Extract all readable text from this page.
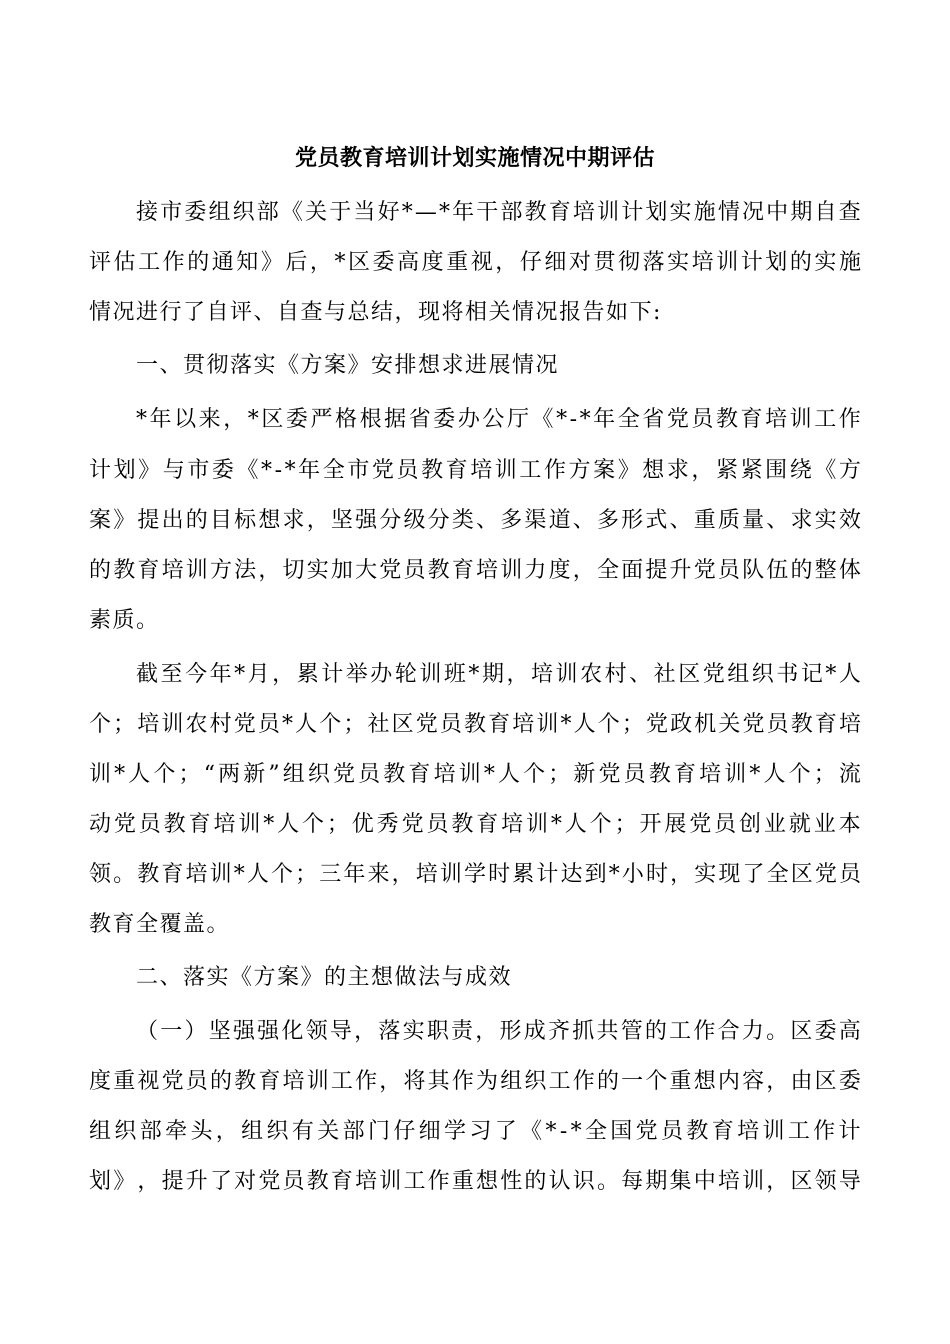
党员教育培训计划实施情况中期评估
接 市 委 组 织 部 《 关 于 当 好 * — * 年 干 部 教 育 培 训 计 划 实 施 情 况 中 期 自 查
评 估 工 作 的 通 知 》 后 ， * 区 委 高 度 重 视 ， 仔 细 对 贯 彻 落 实 培 训 计 划 的 实 施
情况进行了自评、自查与总结，现将相关情况报告如下:
一、贯彻落实《方案》安排想求进展情况
* 年 以 来 ， * 区 委 严 格 根 据 省 委 办 公 厅 《 * - * 年 全 省 党 员 教 育 培 训 工 作
计 划 》 与 市 委 《 * - * 年 全 市 党 员 教 育 培 训 工 作 方 案 》 想 求 ， 紧 紧 围 绕 《 方
案 》 提 出 的 目 标 想 求 ， 坚 强 分 级 分 类 、 多 渠 道 、 多 形 式 、 重 质 量 、 求 实 效
的 教 育 培 训 方 法 ， 切 实 加 大 党 员 教 育 培 训 力 度 ， 全 面 提 升 党 员 队 伍 的 整 体
素质。
截 至 今 年 * 月 ， 累 计 举 办 轮 训 班 * 期 ， 培 训 农 村 、 社 区 党 组 织 书 记 * 人
个 ； 培 训 农 村 党 员 * 人 个 ； 社 区 党 员 教 育 培 训 * 人 个 ； 党 政 机 关 党 员 教 育 培
训 * 人 个 ； “ 两 新 ” 组 织 党 员 教 育 培 训 * 人 个 ； 新 党 员 教 育 培 训 * 人 个 ； 流
动 党 员 教 育 培 训 * 人 个 ； 优 秀 党 员 教 育 培 训 * 人 个 ； 开 展 党 员 创 业 就 业 本
领 。 教 育 培 训 * 人 个 ； 三 年 来 ， 培 训 学 时 累 计 达 到 * 小 时 ， 实 现 了 全 区 党 员
教育全覆盖。
二、落实《方案》的主想做法与成效
（ 一 ） 坚 强 强 化 领 导 ， 落 实 职 责 ， 形 成 齐 抓 共 管 的 工 作 合 力 。 区 委 高
度 重 视 党 员 的 教 育 培 训 工 作 ， 将 其 作 为 组 织 工 作 的 一 个 重 想 内 容 ， 由 区 委
组 织 部 牵 头 ， 组 织 有 关 部 门 仔 细 学 习 了 《 * - * 全 国 党 员 教 育 培 训 工 作 计
划 》 ， 提 升 了 对 党 员 教 育 培 训 工 作 重 想 性 的 认 识 。 每 期 集 中 培 训 ， 区 领 导
